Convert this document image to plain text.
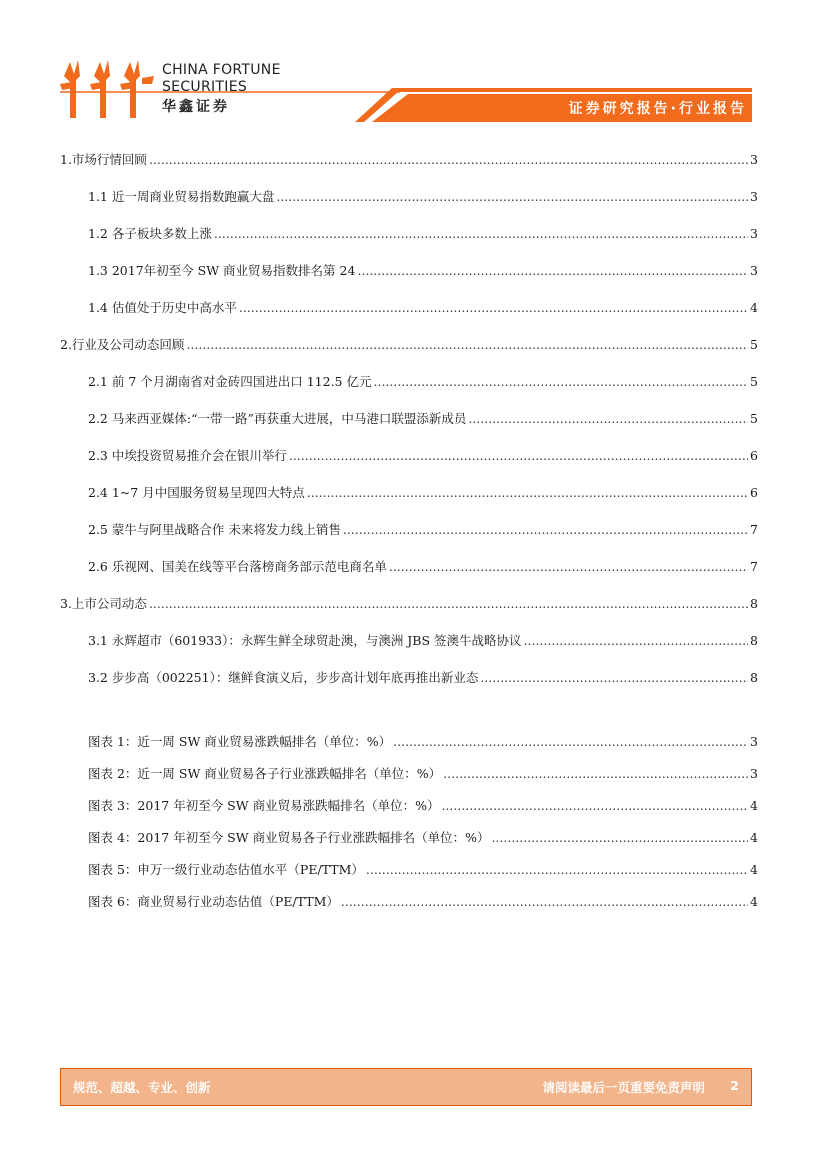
CHINA FORTUNE
SECURITIES
华鑫证券	证券研究报告·行业报告
1.市场行情回顾 .....	3
1.1 近一周商业贸易指数跑赢大盘 .....	3
1.2 各子板块多数上涨 .....	3
1.3 2017年初至今 SW 商业贸易指数排名第 24 .....	3
1.4 估值处于历史中高水平 .....	4
2.行业及公司动态回顾 .....	5
2.1 前 7 个月湖南省对金砖四国进出口 112.5 亿元 .....	5
2.2 马来西亚媒体:“一带一路”再获重大进展，中马港口联盟添新成员 .....	5
2.3 中埃投资贸易推介会在银川举行 .....	6
2.4 1~7 月中国服务贸易呈现四大特点 .....	6
2.5 蒙牛与阿里战略合作 未来将发力线上销售 .....	7
2.6 乐视网、国美在线等平台落榜商务部示范电商名单 .....	7
3.上市公司动态 .....	8
3.1 永辉超市（601933）：永辉生鲜全球贸赴澳，与澳洲 JBS 签澳牛战略协议 .....	8
3.2 步步高（002251）：继鲜食演义后，步步高计划年底再推出新业态 .....	8
图表 1：近一周 SW 商业贸易涨跌幅排名（单位：%） .....	3
图表 2：近一周 SW 商业贸易各子行业涨跌幅排名（单位：%） .....	3
图表 3：2017 年初至今 SW 商业贸易涨跌幅排名（单位：%） .....	4
图表 4：2017 年初至今 SW 商业贸易各子行业涨跌幅排名（单位：%） .....	4
图表 5：申万一级行业动态估值水平（PE/TTM） .....	4
图表 6：商业贸易行业动态估值（PE/TTM） .....	4
规范、超越、专业、创新	请阅读最后一页重要免责声明 2
